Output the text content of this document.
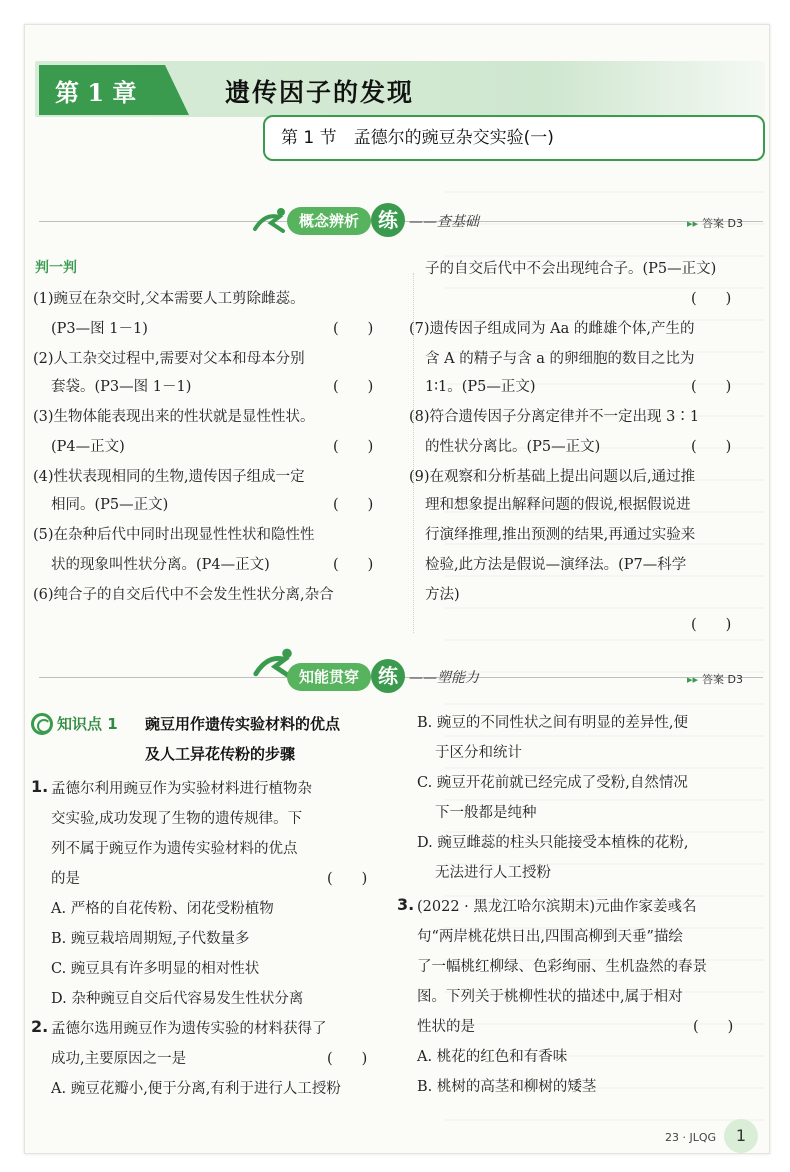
第 1 章	遗传因子的发现
第 1 节　孟德尔的豌豆杂交实验(一)
概念辨析 练 ——查基础	▸▸ 答案 D3
判一判
(1)豌豆在杂交时,父本需要人工剪除雌蕊。
(P3—图 1－1)	(　　)
(2)人工杂交过程中,需要对父本和母本分别
套袋。(P3—图 1－1)	(　　)
(3)生物体能表现出来的性状就是显性性状。
(P4—正文)	(　　)
(4)性状表现相同的生物,遗传因子组成一定
相同。(P5—正文)	(　　)
(5)在杂种后代中同时出现显性性状和隐性性
状的现象叫性状分离。(P4—正文)	(　　)
(6)纯合子的自交后代中不会发生性状分离,杂合
子的自交后代中不会出现纯合子。(P5—正文)
(　　)
(7)遗传因子组成同为 Aa 的雌雄个体,产生的
含 A 的精子与含 a 的卵细胞的数目之比为
1∶1。(P5—正文)	(　　)
(8)符合遗传因子分离定律并不一定出现 3∶1
的性状分离比。(P5—正文)	(　　)
(9)在观察和分析基础上提出问题以后,通过推
理和想象提出解释问题的假说,根据假说进
行演绎推理,推出预测的结果,再通过实验来
检验,此方法是假说—演绎法。(P7—科学
方法)
(　　)
知能贯穿 练 ——塑能力	▸▸ 答案 D3
知识点 1 豌豆用作遗传实验材料的优点
及人工异花传粉的步骤
1. 孟德尔利用豌豆作为实验材料进行植物杂
交实验,成功发现了生物的遗传规律。下
列不属于豌豆作为遗传实验材料的优点
的是	(　　)
A. 严格的自花传粉、闭花受粉植物
B. 豌豆栽培周期短,子代数量多
C. 豌豆具有许多明显的相对性状
D. 杂种豌豆自交后代容易发生性状分离
2. 孟德尔选用豌豆作为遗传实验的材料获得了
成功,主要原因之一是	(　　)
A. 豌豆花瓣小,便于分离,有利于进行人工授粉
B. 豌豆的不同性状之间有明显的差异性,便
于区分和统计
C. 豌豆开花前就已经完成了受粉,自然情况
下一般都是纯种
D. 豌豆雌蕊的柱头只能接受本植株的花粉,
无法进行人工授粉
3. (2022 · 黑龙江哈尔滨期末)元曲作家姜彧名
句“两岸桃花烘日出,四围高柳到天垂”描绘
了一幅桃红柳绿、色彩绚丽、生机盎然的春景
图。下列关于桃柳性状的描述中,属于相对
性状的是	(　　)
A. 桃花的红色和有香味
B. 桃树的高茎和柳树的矮茎
23 · JLQG	1
